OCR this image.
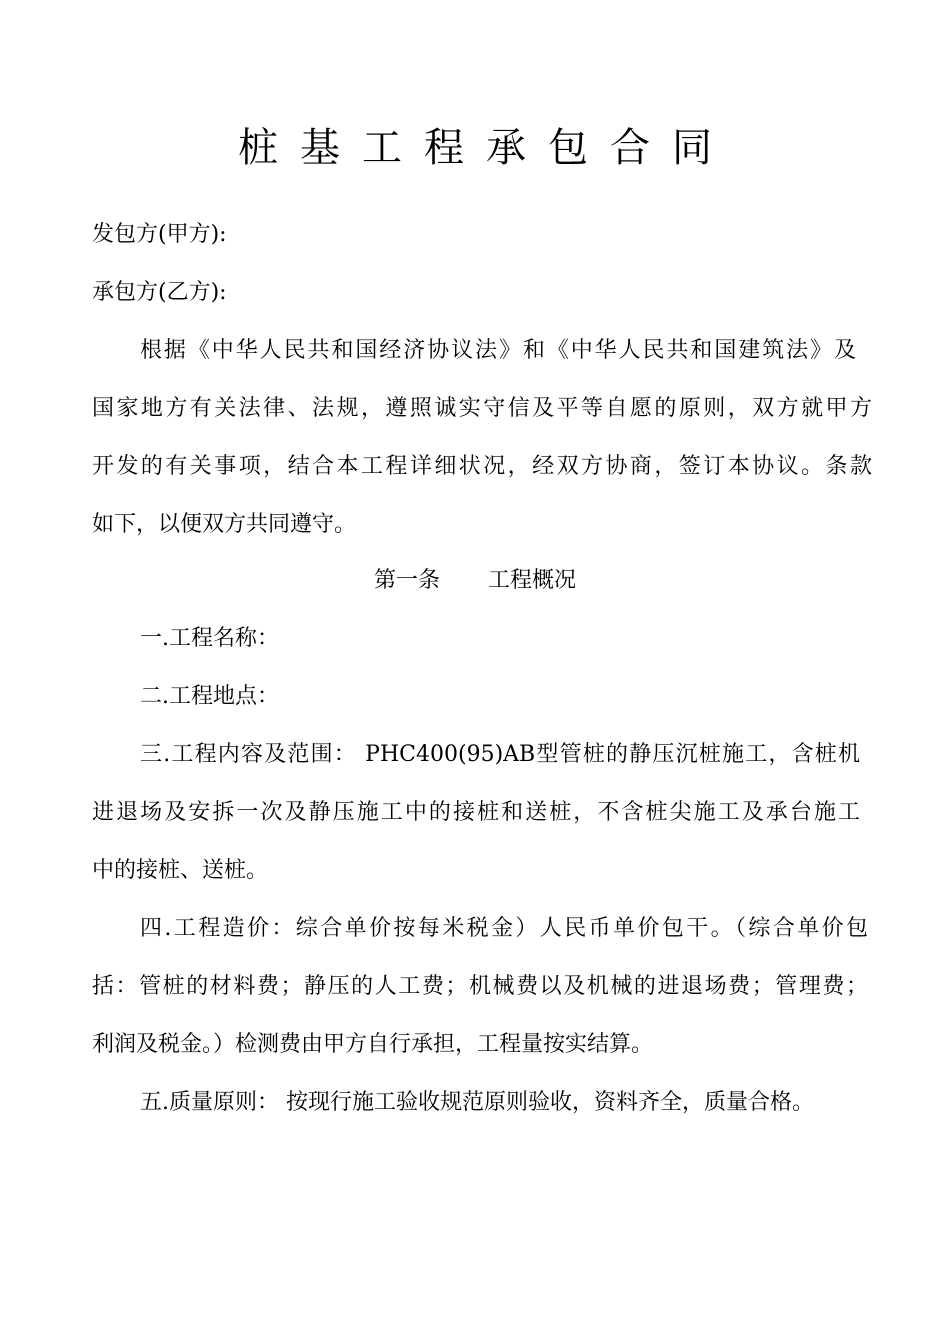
桩基工程承包合同
发包方(甲方):
承包方(乙方):
根据《中华人民共和国经济协议法》和《中华人民共和国建筑法》及
国家地方有关法律、法规，遵照诚实守信及平等自愿的原则，双方就甲方
开发的有关事项，结合本工程详细状况，经双方协商，签订本协议。条款
如下，以便双方共同遵守。
第一条 工程概况
一.工程名称：
二.工程地点：
三.工程内容及范围： PHC400(95)AB型管桩的静压沉桩施工，含桩机
进退场及安拆一次及静压施工中的接桩和送桩，不含桩尖施工及承台施工
中的接桩、送桩。
四.工程造价：综合单价按每米税金）人民币单价包干。（综合单价包
括：管桩的材料费；静压的人工费；机械费以及机械的进退场费；管理费；
利润及税金。）检测费由甲方自行承担，工程量按实结算。
五.质量原则： 按现行施工验收规范原则验收，资料齐全，质量合格。
